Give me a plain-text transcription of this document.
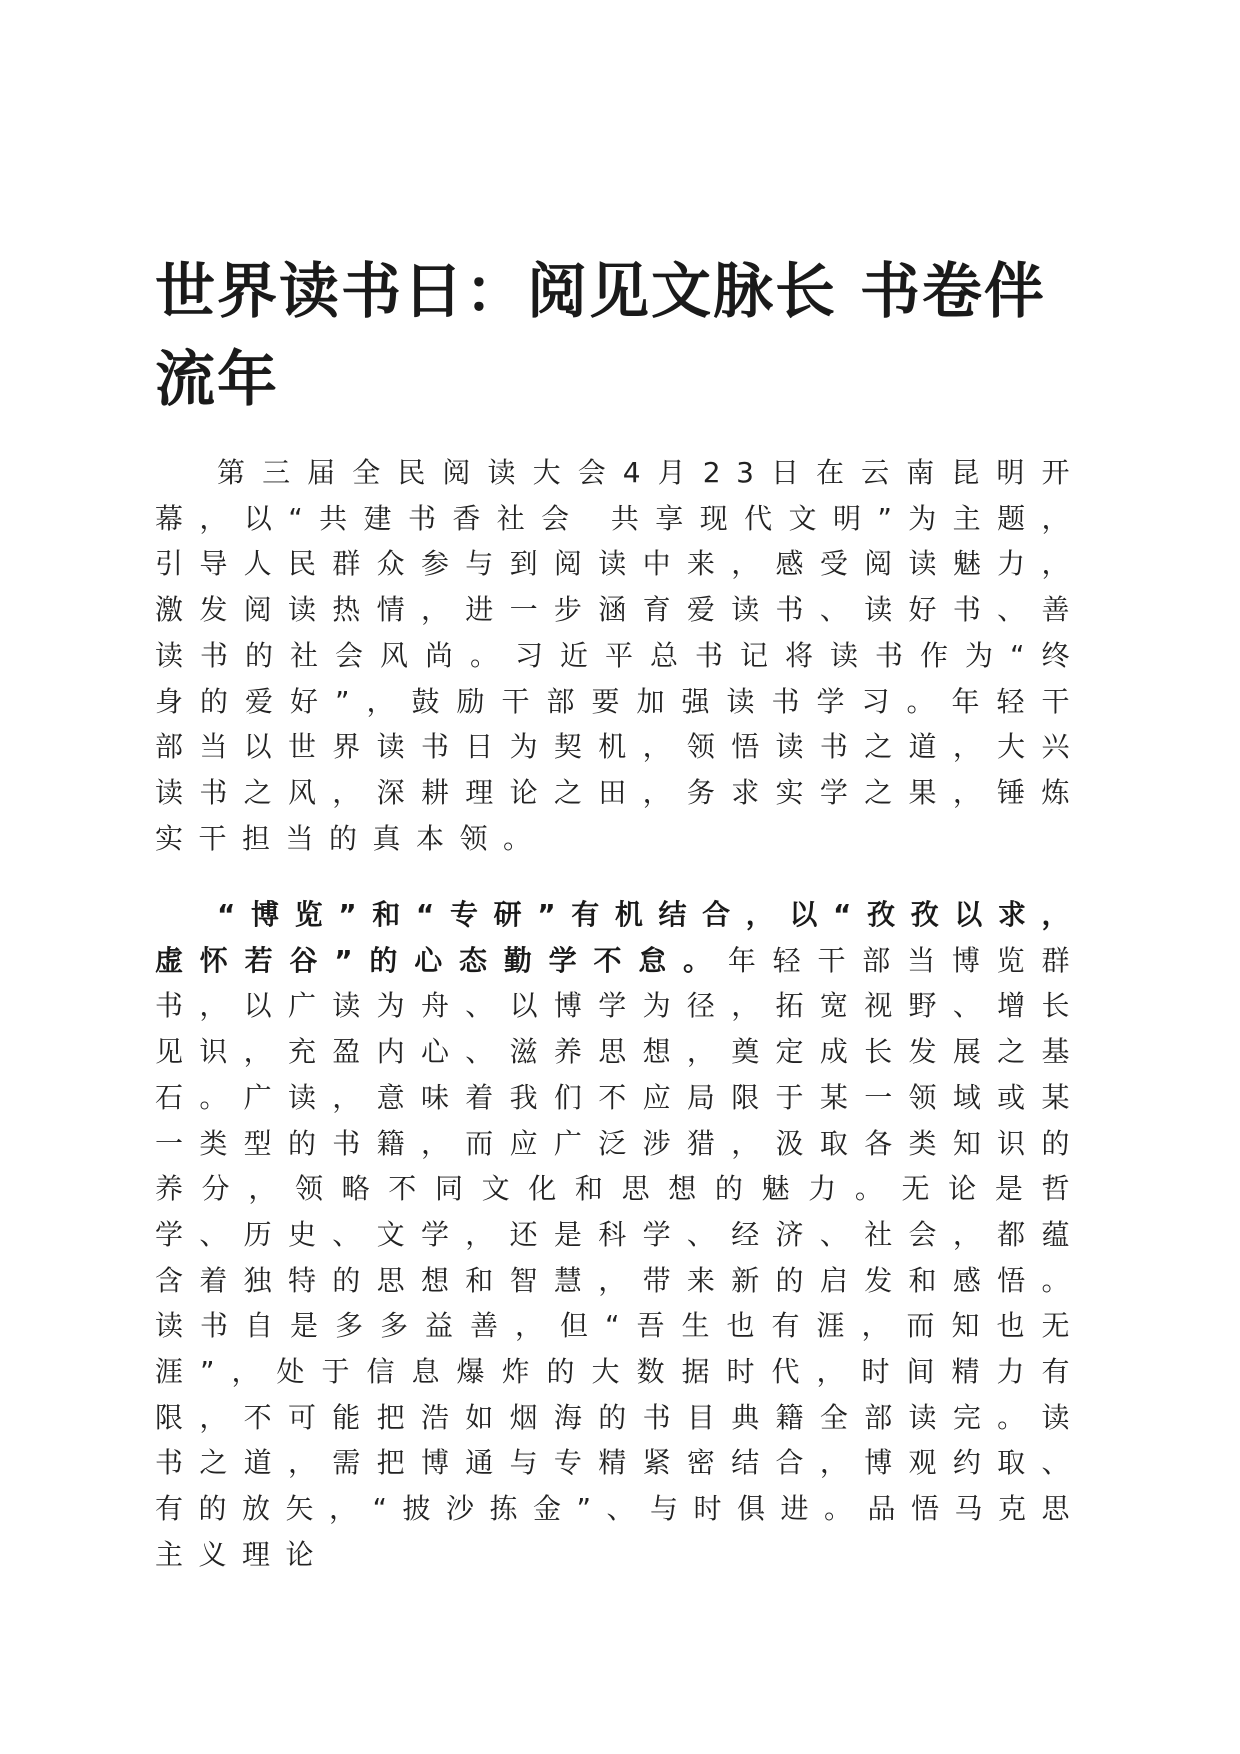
世界读书日：阅见文脉长 书卷伴流年

第三届全民阅读大会4月23日在云南昆明开幕，以“共建书香社会 共享现代文明”为主题，引导人民群众参与到阅读中来，感受阅读魅力，激发阅读热情，进一步涵育爱读书、读好书、善读书的社会风尚。习近平总书记将读书作为“终身的爱好”，鼓励干部要加强读书学习。年轻干部当以世界读书日为契机，领悟读书之道，大兴读书之风，深耕理论之田，务求实学之果，锤炼实干担当的真本领。

“博览”和“专研”有机结合，以“孜孜以求，虚怀若谷”的心态勤学不怠。年轻干部当博览群书，以广读为舟、以博学为径，拓宽视野、增长见识，充盈内心、滋养思想，奠定成长发展之基石。广读，意味着我们不应局限于某一领域或某一类型的书籍，而应广泛涉猎，汲取各类知识的养分，领略不同文化和思想的魅力。无论是哲学、历史、文学，还是科学、经济、社会，都蕴含着独特的思想和智慧，带来新的启发和感悟。读书自是多多益善，但“吾生也有涯，而知也无涯”，处于信息爆炸的大数据时代，时间精力有限，不可能把浩如烟海的书目典籍全部读完。读书之道，需把博通与专精紧密结合，博观约取、有的放矢，“披沙拣金”、与时俱进。品悟马克思主义理论
